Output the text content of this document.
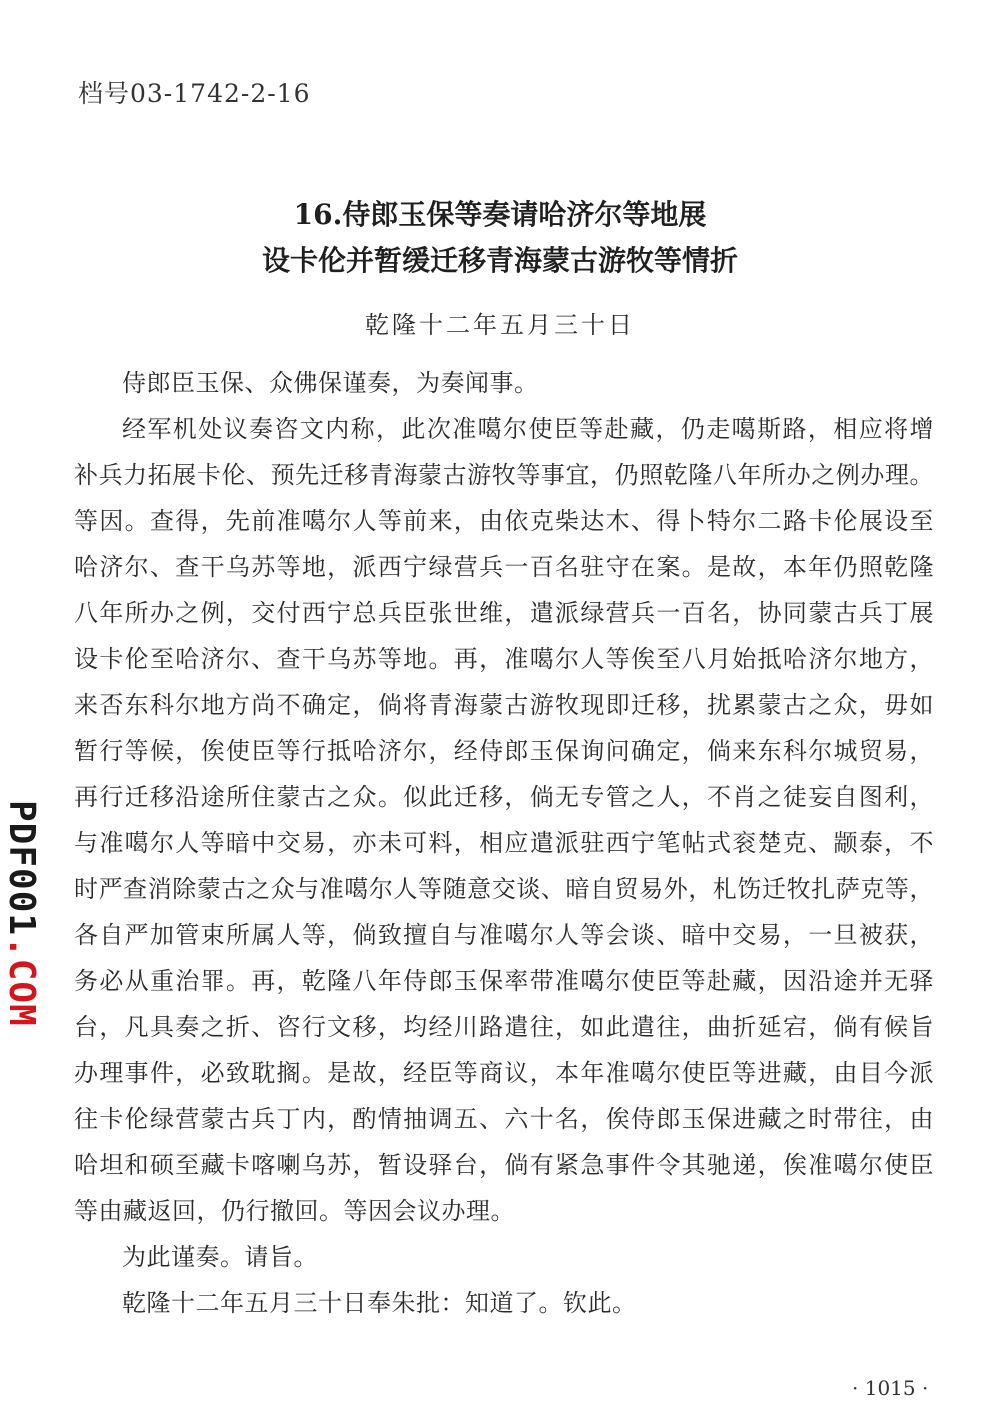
档号03-1742-2-16
16.侍郎玉保等奏请哈济尔等地展
设卡伦并暂缓迁移青海蒙古游牧等情折
乾隆十二年五月三十日
侍郎臣玉保、众佛保谨奏，为奏闻事。
经军机处议奏咨文内称，此次准噶尔使臣等赴藏，仍走噶斯路，相应将增
补兵力拓展卡伦、预先迁移青海蒙古游牧等事宜，仍照乾隆八年所办之例办理。
等因。查得，先前准噶尔人等前来，由依克柴达木、得卜特尔二路卡伦展设至
哈济尔、查干乌苏等地，派西宁绿营兵一百名驻守在案。是故，本年仍照乾隆
八年所办之例，交付西宁总兵臣张世维，遣派绿营兵一百名，协同蒙古兵丁展
设卡伦至哈济尔、查干乌苏等地。再，准噶尔人等俟至八月始抵哈济尔地方，
来否东科尔地方尚不确定，倘将青海蒙古游牧现即迁移，扰累蒙古之众，毋如
暂行等候，俟使臣等行抵哈济尔，经侍郎玉保询问确定，倘来东科尔城贸易，
再行迁移沿途所住蒙古之众。似此迁移，倘无专管之人，不肖之徒妄自图利，
与准噶尔人等暗中交易，亦未可料，相应遣派驻西宁笔帖式衮楚克、颛泰，不
时严查消除蒙古之众与准噶尔人等随意交谈、暗自贸易外，札饬迁牧扎萨克等，
各自严加管束所属人等，倘致擅自与准噶尔人等会谈、暗中交易，一旦被获，
务必从重治罪。再，乾隆八年侍郎玉保率带准噶尔使臣等赴藏，因沿途并无驿
台，凡具奏之折、咨行文移，均经川路遣往，如此遣往，曲折延宕，倘有候旨
办理事件，必致耽搁。是故，经臣等商议，本年准噶尔使臣等进藏，由目今派
往卡伦绿营蒙古兵丁内，酌情抽调五、六十名，俟侍郎玉保进藏之时带往，由
哈坦和硕至藏卡喀喇乌苏，暂设驿台，倘有紧急事件令其驰递，俟准噶尔使臣
等由藏返回，仍行撤回。等因会议办理。
为此谨奏。请旨。
乾隆十二年五月三十日奉朱批：知道了。钦此。
PDF001.COM
· 1015 ·
